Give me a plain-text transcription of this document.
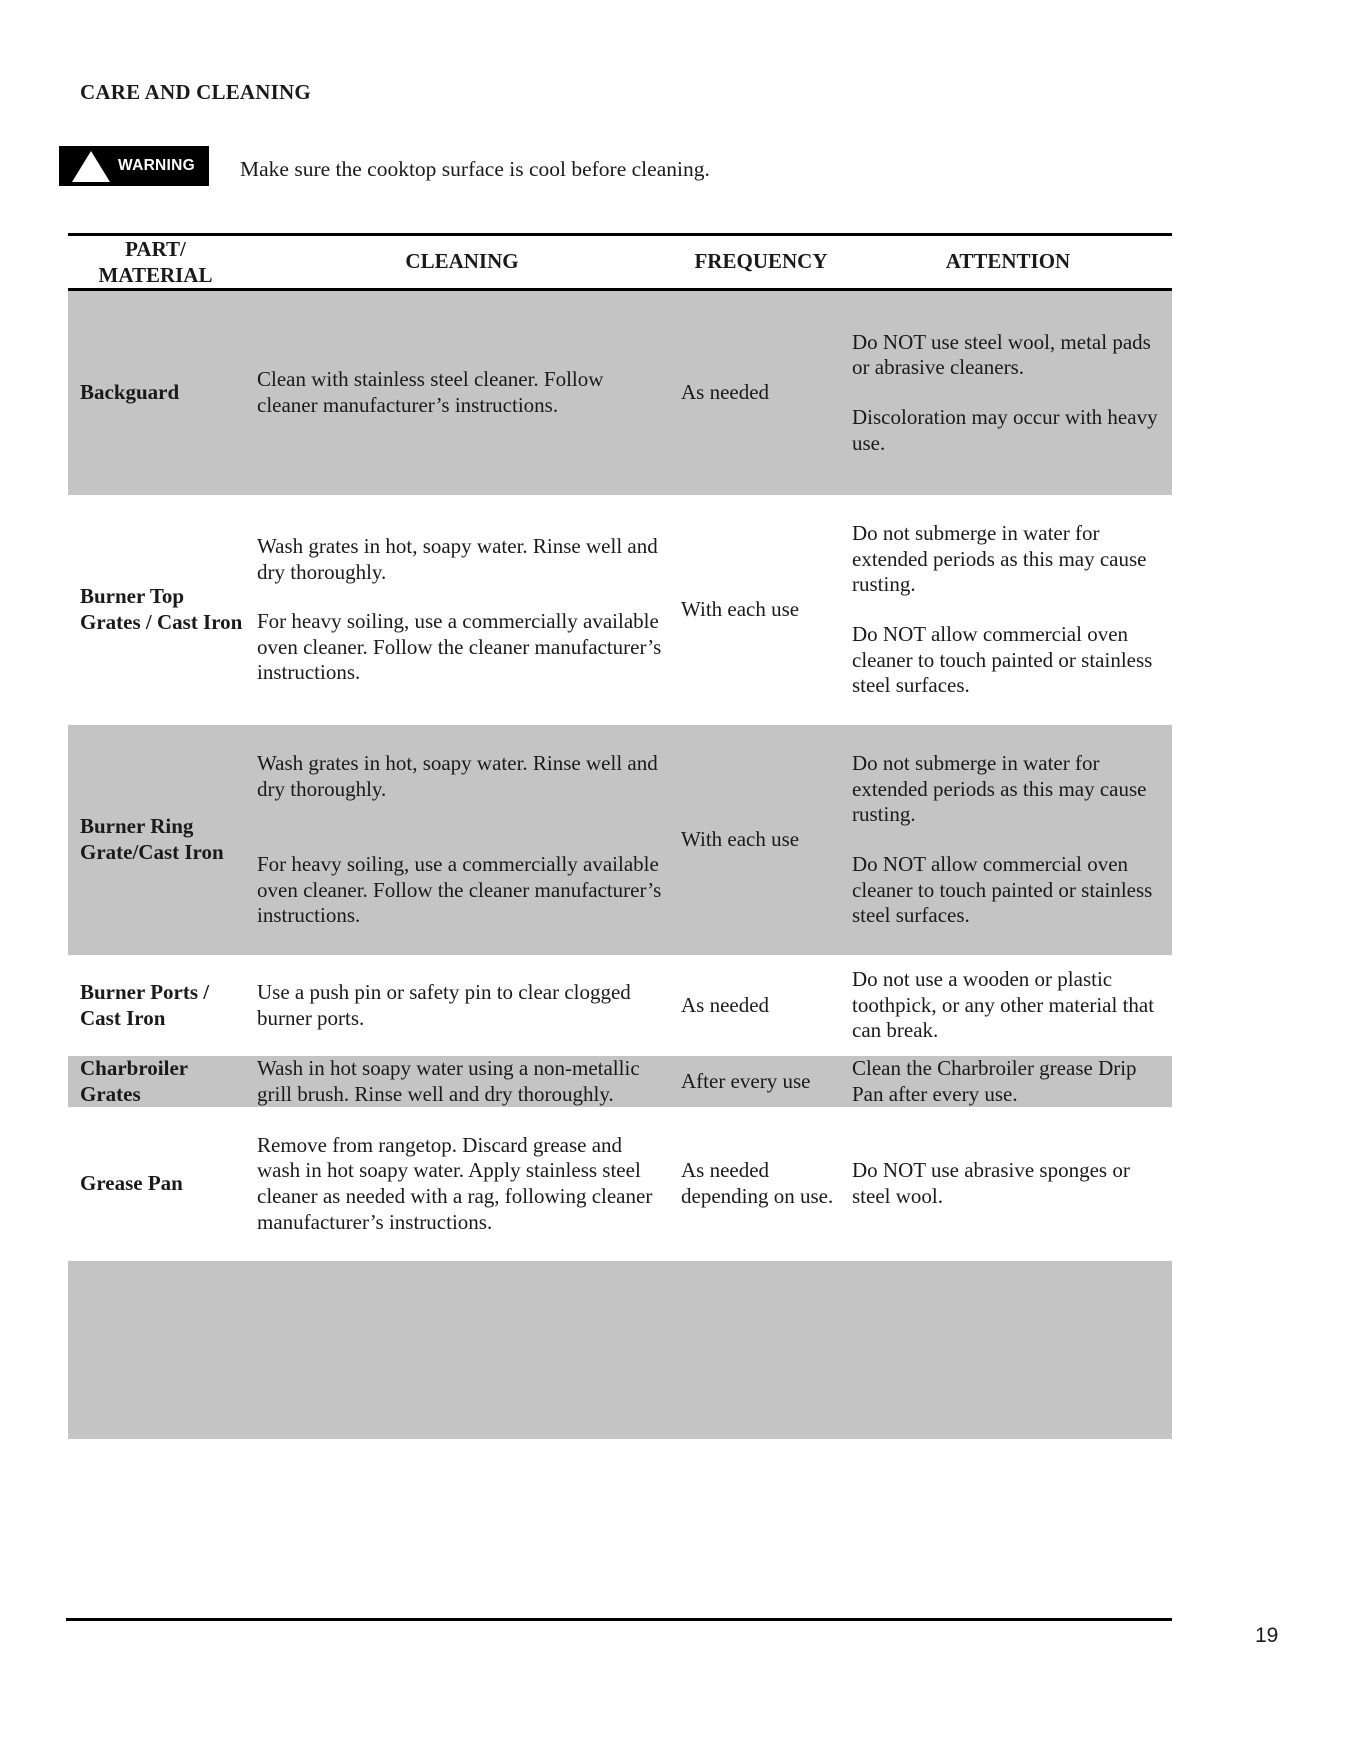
CARE AND CLEANING
WARNING Make sure the cooktop surface is cool before cleaning.
PART/
MATERIAL
CLEANING	FREQUENCY	ATTENTION
Backguard

Clean with stainless steel cleaner. Follow cleaner manufacturer’s instructions.

As needed

Do NOT use steel wool, metal pads or abrasive cleaners.

Discoloration may occur with heavy use.

Burner Top Grates / Cast Iron

Wash grates in hot, soapy water. Rinse well and dry thoroughly.

For heavy soiling, use a commercially available oven cleaner. Follow the cleaner manufacturer’s instructions.

With each use

Do not submerge in water for extended periods as this may cause rusting.

Do NOT allow commercial oven cleaner to touch painted or stainless steel surfaces.

Burner Ring Grate/Cast Iron

Wash grates in hot, soapy water. Rinse well and dry thoroughly.

For heavy soiling, use a commercially available oven cleaner. Follow the cleaner manufacturer’s instructions.

With each use

Do not submerge in water for extended periods as this may cause rusting.

Do NOT allow commercial oven cleaner to touch painted or stainless steel surfaces.

Burner Ports / Cast Iron

Use a push pin or safety pin to clear clogged burner ports.

As needed

Do not use a wooden or plastic toothpick, or any other material that can break.

Charbroiler Grates

Wash in hot soapy water using a non-metallic grill brush. Rinse well and dry thoroughly.

After every use

Clean the Charbroiler grease Drip Pan after every use.

Grease Pan

Remove from rangetop. Discard grease and wash in hot soapy water. Apply stainless steel cleaner as needed with a rag, following cleaner manufacturer’s instructions.

As needed depending on use.

Do NOT use abrasive sponges or steel wool.

19
